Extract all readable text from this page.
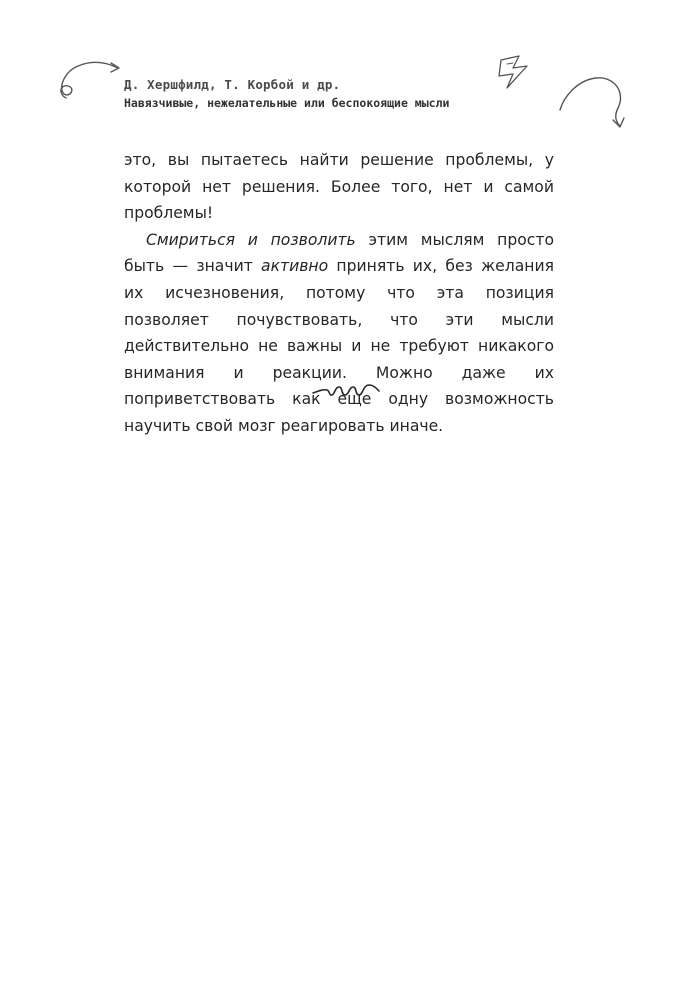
Д. Хершфилд, Т. Корбой и др.
Навязчивые, нежелательные или беспокоящие мысли

это, вы пытаетесь найти решение проблемы, у которой нет решения. Более того, нет и самой проблемы!

Смириться и позволить этим мыслям просто быть — значит активно принять их, без желания их исчезновения, потому что эта позиция позволяет почувствовать, что эти мысли действительно не важны и не требуют никакого внимания и реакции. Можно даже их поприветствовать как еще одну возможность научить свой мозг реагировать иначе.
